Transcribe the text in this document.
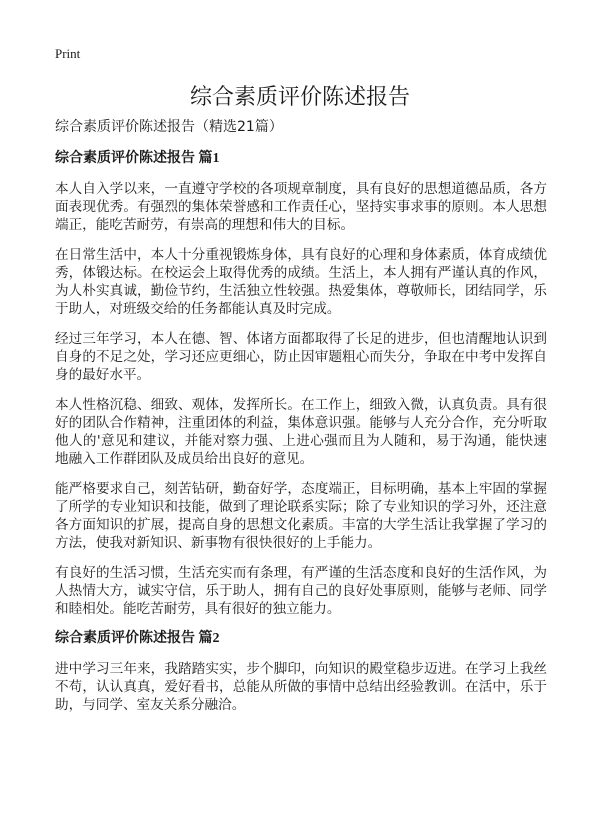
Print
综合素质评价陈述报告
综合素质评价陈述报告（精选21篇）
综合素质评价陈述报告 篇1

本人自入学以来，一直遵守学校的各项规章制度，具有良好的思想道德品质，各方面表现优秀。有强烈的集体荣誉感和工作责任心，坚持实事求事的原则。本人思想端正，能吃苦耐劳，有崇高的理想和伟大的目标。

在日常生活中，本人十分重视锻炼身体，具有良好的心理和身体素质，体育成绩优秀，体锻达标。在校运会上取得优秀的成绩。生活上，本人拥有严谨认真的作风，为人朴实真诚，勤俭节约，生活独立性较强。热爱集体，尊敬师长，团结同学，乐于助人，对班级交给的任务都能认真及时完成。

经过三年学习，本人在德、智、体诸方面都取得了长足的进步，但也清醒地认识到自身的不足之处，学习还应更细心，防止因审题粗心而失分，争取在中考中发挥自身的最好水平。

本人性格沉稳、细致、观体，发挥所长。在工作上，细致入微，认真负责。具有很好的团队合作精神，注重团体的利益，集体意识强。能够与人充分合作，充分听取他人的'意见和建议，并能对察力强、上进心强而且为人随和，易于沟通，能快速地融入工作群团队及成员给出良好的意见。

能严格要求自己，刻苦钻研，勤奋好学，态度端正，目标明确，基本上牢固的掌握了所学的专业知识和技能，做到了理论联系实际；除了专业知识的学习外，还注意各方面知识的扩展，提高自身的思想文化素质。丰富的大学生活让我掌握了学习的方法，使我对新知识、新事物有很快很好的上手能力。

有良好的生活习惯，生活充实而有条理，有严谨的生活态度和良好的生活作风，为人热情大方，诚实守信，乐于助人，拥有自己的良好处事原则，能够与老师、同学和睦相处。能吃苦耐劳，具有很好的独立能力。

综合素质评价陈述报告 篇2

进中学习三年来，我踏踏实实，步个脚印，向知识的殿堂稳步迈进。在学习上我丝不苟，认认真真，爱好看书，总能从所做的事情中总结出经验教训。在活中，乐于助，与同学、室友关系分融洽。
